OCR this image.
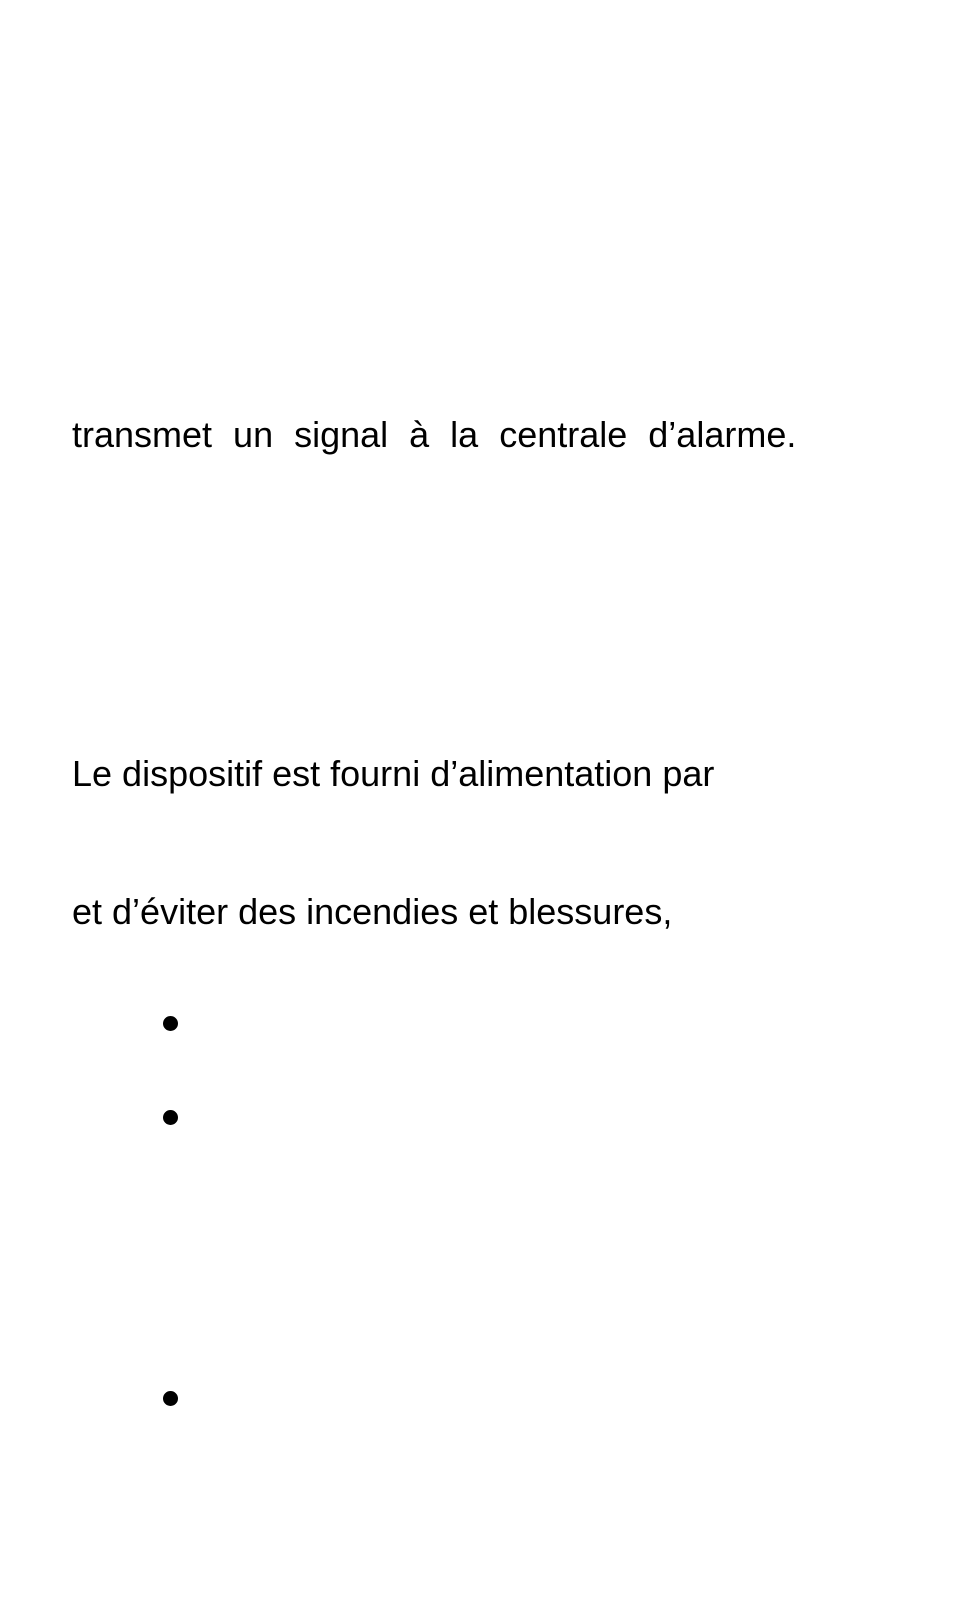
transmet un signal à la centrale d’alarme.

Le dispositif est fourni d’alimentation par

et d’éviter des incendies et blessures,
